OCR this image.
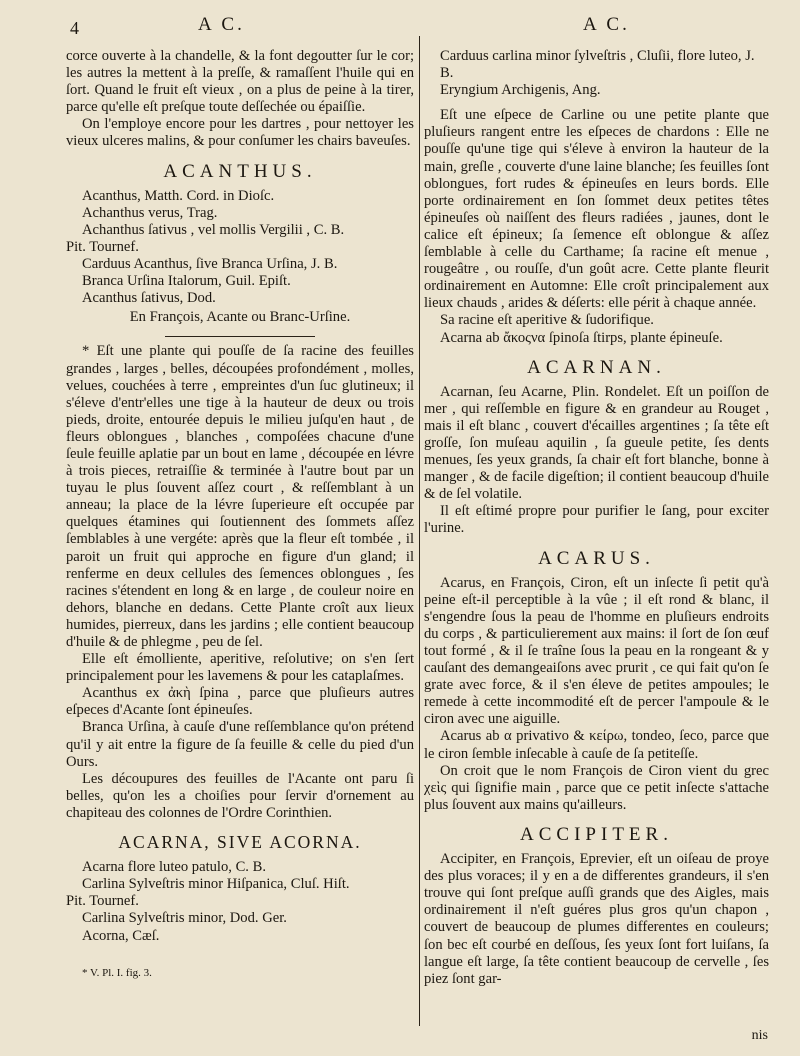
4	A C.	A C.

corce ouverte à la chandelle, & la font degoutter ſur le cor; les autres la mettent à la preſſe, & ramaſſent l'huile qui en ſort. Quand le fruit eſt vieux , on a plus de peine à la tirer, parce qu'elle eſt preſque toute deſſechée ou épaiſſie.

On l'employe encore pour les dartres , pour nettoyer les vieux ulceres malins, & pour conſumer les chairs baveuſes.

ACANTHUS.

Acanthus, Matth. Cord. in Dioſc.

Achanthus verus, Trag.

Achanthus ſativus , vel mollis Vergilii , C. B.

Pit. Tournef.

Carduus Acanthus, ſive Branca Urſina, J. B.

Branca Urſina Italorum, Guil. Epiſt.

Acanthus ſativus, Dod.

En François, Acante ou Branc-Urſine.

* Eſt une plante qui pouſſe de ſa racine des feuilles grandes , larges , belles, découpées profondément , molles, velues, couchées à terre , empreintes d'un ſuc glutineux; il s'éleve d'entr'elles une tige à la hauteur de deux ou trois pieds, droite, entourée depuis le milieu juſqu'en haut , de fleurs oblongues , blanches , compoſées chacune d'une ſeule feuille aplatie par un bout en lame , découpée en lévre à trois pieces, retraiſſie & terminée à l'autre bout par un tuyau le plus ſouvent aſſez court , & reſſemblant à un anneau; la place de la lévre ſuperieure eſt occupée par quelques étamines qui ſoutiennent des ſommets aſſez ſemblables à une vergéte: après que la fleur eſt tombée , il paroit un fruit qui approche en figure d'un gland; il renferme en deux cellules des ſemences oblongues , ſes racines s'étendent en long & en large , de couleur noire en dehors, blanche en dedans. Cette Plante croît aux lieux humides, pierreux, dans les jardins ; elle contient beaucoup d'huile & de phlegme , peu de ſel.

Elle eſt émolliente, aperitive, reſolutive; on s'en ſert principalement pour les lavemens & pour les cataplaſmes.

Acanthus ex ἀκὴ ſpina , parce que pluſieurs autres eſpeces d'Acante ſont épineuſes.

Branca Urſina, à cauſe d'une reſſemblance qu'on prétend qu'il y ait entre la figure de ſa feuille & celle du pied d'un Ours.

Les découpures des feuilles de l'Acante ont paru ſi belles, qu'on les a choiſies pour ſervir d'ornement au chapiteau des colonnes de l'Ordre Corinthien.

ACARNA, SIVE ACORNA.

Acarna flore luteo patulo, C. B.

Carlina Sylveſtris minor Hiſpanica, Cluſ. Hiſt.

Pit. Tournef.

Carlina Sylveſtris minor, Dod. Ger.

Acorna, Cæſ.

* V. Pl. I. fig. 3.

Carduus carlina minor ſylveſtris , Cluſii, flore luteo, J. B.

Eryngium Archigenis, Ang.

Eſt une eſpece de Carline ou une petite plante que pluſieurs rangent entre les eſpeces de chardons : Elle ne pouſſe qu'une tige qui s'éleve à environ la hauteur de la main, greſle , couverte d'une laine blanche; ſes feuilles ſont oblongues, fort rudes & épineuſes en leurs bords. Elle porte ordinairement en ſon ſommet deux petites têtes épineuſes où naiſſent des fleurs radiées , jaunes, dont le calice eſt épineux; ſa ſemence eſt oblongue & aſſez ſemblable à celle du Carthame; ſa racine eſt menue , rougeâtre , ou rouſſe, d'un goût acre. Cette plante fleurit ordinairement en Automne: Elle croît principalement aux lieux chauds , arides & déſerts: elle périt à chaque année.

Sa racine eſt aperitive & ſudorifique.

Acarna ab ἄκοςνα ſpinoſa ſtirps, plante épineuſe.

ACARNAN.

Acarnan, ſeu Acarne, Plin. Rondelet. Eſt un poiſſon de mer , qui reſſemble en figure & en grandeur au Rouget , mais il eſt blanc , couvert d'écailles argentines ; ſa tête eſt groſſe, ſon muſeau aquilin , ſa gueule petite, ſes dents menues, ſes yeux grands, ſa chair eſt fort blanche, bonne à manger , & de facile digeſtion; il contient beaucoup d'huile & de ſel volatile.

Il eſt eſtimé propre pour purifier le ſang, pour exciter l'urine.

ACARUS.

Acarus, en François, Ciron, eſt un inſecte ſi petit qu'à peine eſt-il perceptible à la vûe ; il eſt rond & blanc, il s'engendre ſous la peau de l'homme en pluſieurs endroits du corps , & particulierement aux mains: il ſort de ſon œuf tout formé , & il ſe traîne ſous la peau en la rongeant & y cauſant des demangeaiſons avec prurit , ce qui fait qu'on ſe grate avec force, & il s'en éleve de petites ampoules; le remede à cette incommodité eſt de percer l'ampoule & le ciron avec une aiguille.

Acarus ab α privativo & κείρω, tondeo, ſeco, parce que le ciron ſemble inſecable à cauſe de ſa petiteſſe.

On croit que le nom François de Ciron vient du grec χεὶς qui ſignifie main , parce que ce petit inſecte s'attache plus ſouvent aux mains qu'ailleurs.

ACCIPITER.

Accipiter, en François, Eprevier, eſt un oiſeau de proye des plus voraces; il y en a de differentes grandeurs, il s'en trouve qui ſont preſque auſſi grands que des Aigles, mais ordinairement il n'eſt guéres plus gros qu'un chapon , couvert de beaucoup de plumes differentes en couleurs; ſon bec eſt courbé en deſſous, ſes yeux ſont fort luiſans, ſa langue eſt large, ſa tête contient beaucoup de cervelle , ſes piez ſont gar-

nis
